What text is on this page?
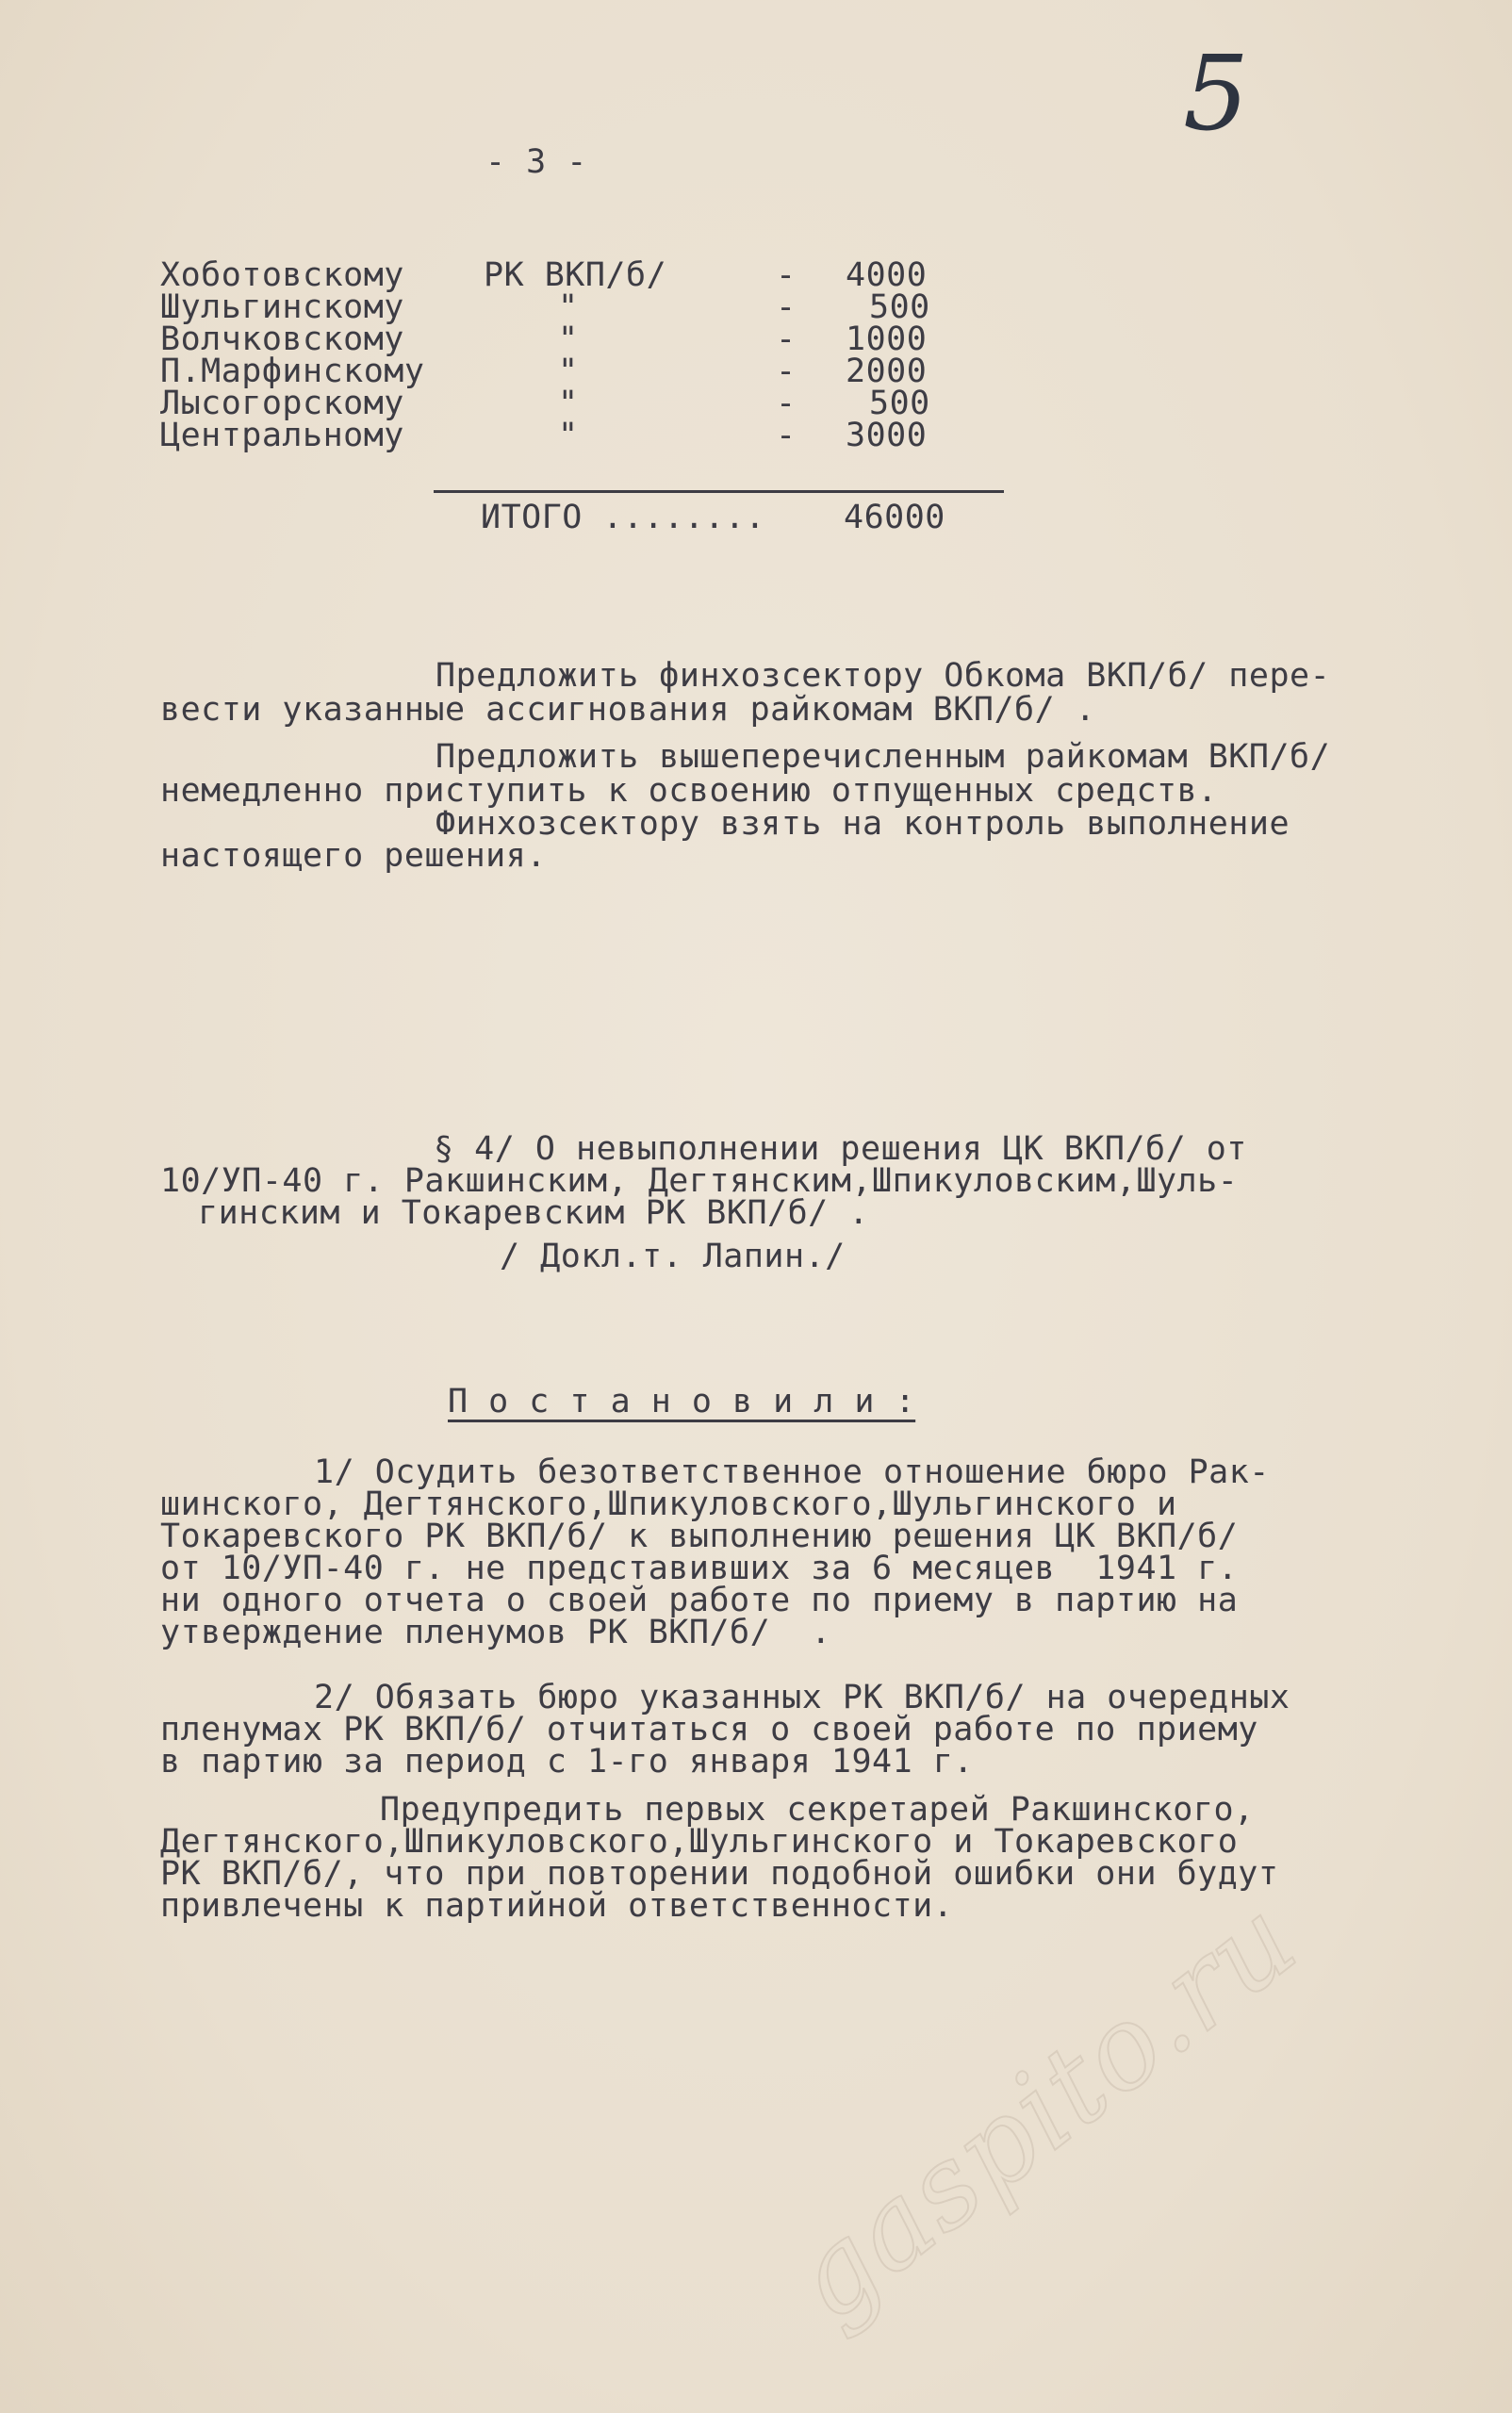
5
- 3 -
Хоботовскому РК ВКП/б/	- 4000
Шульгинскому	"	- 500
Волчковскому	"	- 1000
П.Марфинскому	"	- 2000
Лысогорскому	"	- 500
Центральному	"	- 3000
ИТОГО ........ 46000
Предложить финхозсектору Обкома ВКП/б/ пере-
вести указанные ассигнования райкомам ВКП/б/ .
Предложить вышеперечисленным райкомам ВКП/б/
немедленно приступить к освоению отпущенных средств.
Финхозсектору взять на контроль выполнение
настоящего решения.
§ 4/ О невыполнении решения ЦК ВКП/б/ от
10/УП-40 г. Ракшинским, Дегтянским,Шпикуловским,Шуль-
гинским и Токаревским РК ВКП/б/ .
/ Докл.т. Лапин./
П о с т а н о в и л и :
1/ Осудить безответственное отношение бюро Рак-
шинского, Дегтянского,Шпикуловского,Шульгинского и
Токаревского РК ВКП/б/ к выполнению решения ЦК ВКП/б/
от 10/УП-40 г. не представивших за 6 месяцев  1941 г.
ни одного отчета о своей работе по приему в партию на
утверждение пленумов РК ВКП/б/  .
2/ Обязать бюро указанных РК ВКП/б/ на очередных
пленумах РК ВКП/б/ отчитаться о своей работе по приему
в партию за период с 1-го января 1941 г.
Предупредить первых секретарей Ракшинского,
Дегтянского,Шпикуловского,Шульгинского и Токаревского
РК ВКП/б/, что при повторении подобной ошибки они будут
привлечены к партийной ответственности.
gaspito.ru
